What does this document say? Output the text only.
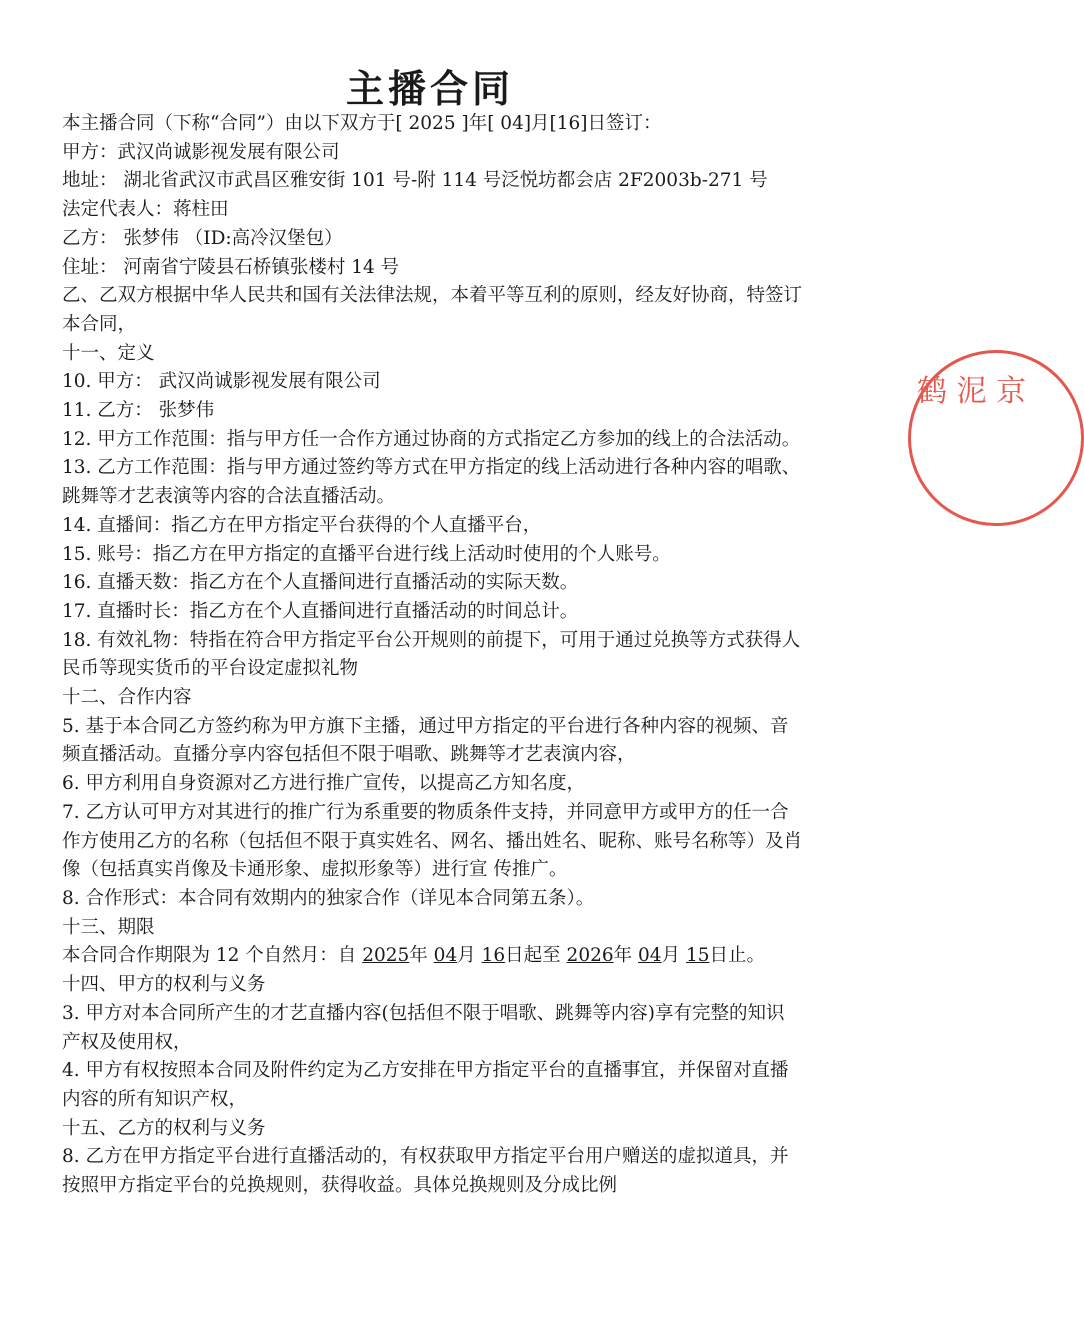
主播合同

本主播合同（下称“合同”）由以下双方于[ 2025 ]年[ 04]月[16]日签订：

甲方：武汉尚诚影视发展有限公司

地址： 湖北省武汉市武昌区雅安街 101 号-附 114 号泛悦坊都会店 2F2003b-271 号

法定代表人：蒋柱田

乙方： 张梦伟 （ID:高冷汉堡包）

住址： 河南省宁陵县石桥镇张楼村 14 号

乙、乙双方根据中华人民共和国有关法律法规，本着平等互利的原则，经友好协商，特签订本合同，

十一、定义

10. 甲方： 武汉尚诚影视发展有限公司

11. 乙方： 张梦伟

12. 甲方工作范围：指与甲方任一合作方通过协商的方式指定乙方参加的线上的合法活动。

13. 乙方工作范围：指与甲方通过签约等方式在甲方指定的线上活动进行各种内容的唱歌、跳舞等才艺表演等内容的合法直播活动。

14. 直播间：指乙方在甲方指定平台获得的个人直播平台，

15. 账号：指乙方在甲方指定的直播平台进行线上活动时使用的个人账号。

16. 直播天数：指乙方在个人直播间进行直播活动的实际天数。

17. 直播时长：指乙方在个人直播间进行直播活动的时间总计。

18. 有效礼物：特指在符合甲方指定平台公开规则的前提下，可用于通过兑换等方式获得人民币等现实货币的平台设定虚拟礼物

十二、合作内容

5. 基于本合同乙方签约称为甲方旗下主播，通过甲方指定的平台进行各种内容的视频、音频直播活动。直播分享内容包括但不限于唱歌、跳舞等才艺表演内容，

6. 甲方利用自身资源对乙方进行推广宣传，以提高乙方知名度，

7. 乙方认可甲方对其进行的推广行为系重要的物质条件支持，并同意甲方或甲方的任一合作方使用乙方的名称（包括但不限于真实姓名、网名、播出姓名、昵称、账号名称等）及肖像（包括真实肖像及卡通形象、虚拟形象等）进行宣 传推广。

8. 合作形式：本合同有效期内的独家合作（详见本合同第五条）。

十三、期限

本合同合作期限为 12 个自然月：自 2025年 04月 16日起至 2026年 04月 15日止。

十四、甲方的权利与义务

3. 甲方对本合同所产生的才艺直播内容(包括但不限于唱歌、跳舞等内容)享有完整的知识产权及使用权，

4. 甲方有权按照本合同及附件约定为乙方安排在甲方指定平台的直播事宜，并保留对直播内容的所有知识产权，

十五、乙方的权利与义务

8. 乙方在甲方指定平台进行直播活动的，有权获取甲方指定平台用户赠送的虚拟道具，并按照甲方指定平台的兑换规则，获得收益。具体兑换规则及分成比例

鹤 泥 京
